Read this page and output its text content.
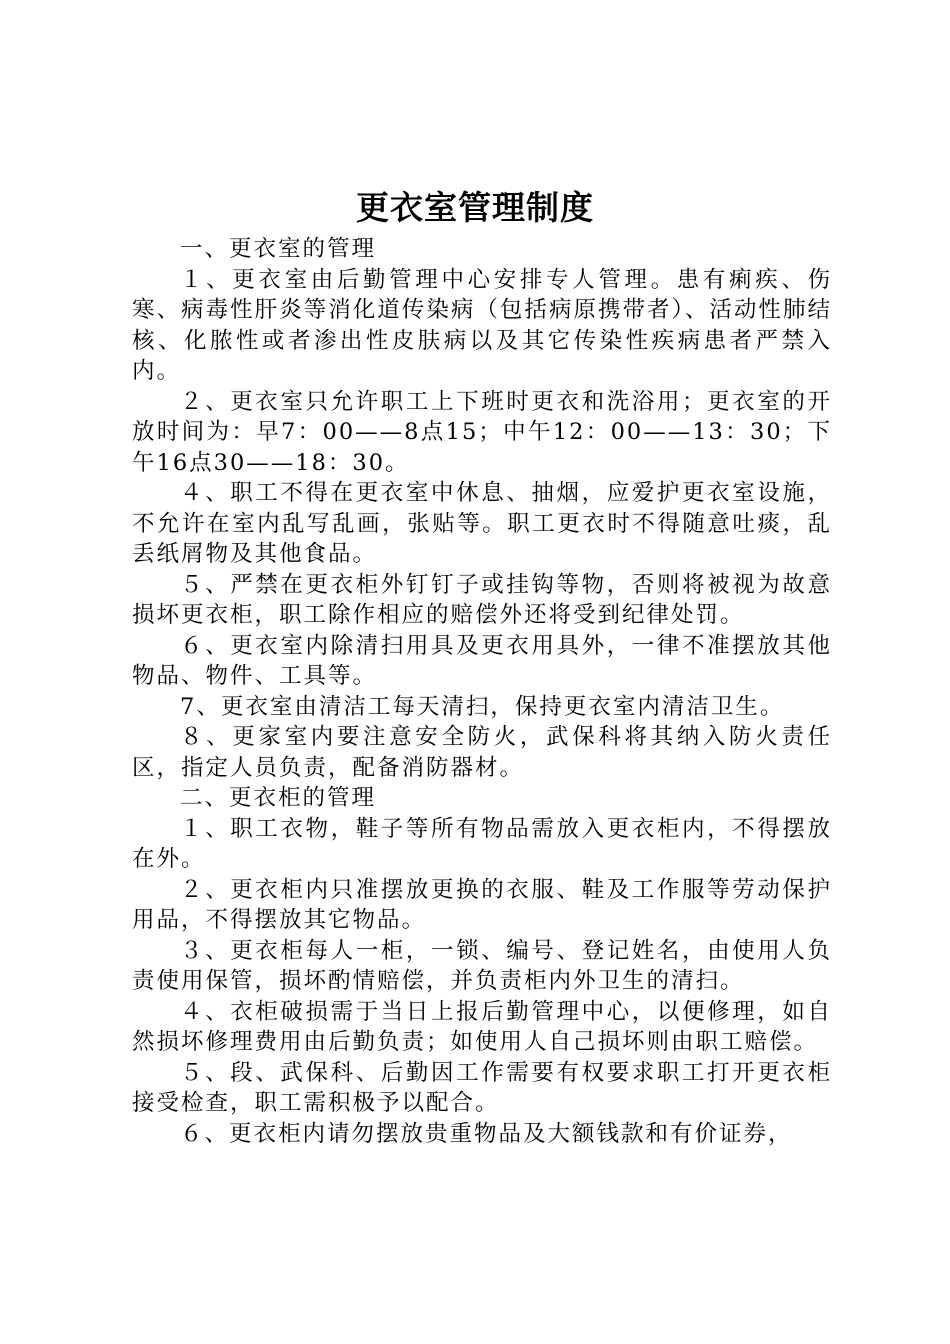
更衣室管理制度

一、更衣室的管理

１、更衣室由后勤管理中心安排专人管理。患有痢疾、伤寒、病毒性肝炎等消化道传染病（包括病原携带者）、活动性肺结核、化脓性或者渗出性皮肤病以及其它传染性疾病患者严禁入内。

２、更衣室只允许职工上下班时更衣和洗浴用；更衣室的开放时间为：早7：00——8点15；中午12：00——13：30；下午16点30——18：30。

４、职工不得在更衣室中休息、抽烟，应爱护更衣室设施，不允许在室内乱写乱画，张贴等。职工更衣时不得随意吐痰，乱丢纸屑物及其他食品。

５、严禁在更衣柜外钉钉子或挂钩等物，否则将被视为故意损坏更衣柜，职工除作相应的赔偿外还将受到纪律处罚。

６、更衣室内除清扫用具及更衣用具外，一律不准摆放其他物品、物件、工具等。

7、更衣室由清洁工每天清扫，保持更衣室内清洁卫生。

８、更家室内要注意安全防火，武保科将其纳入防火责任区，指定人员负责，配备消防器材。

二、更衣柜的管理

１、职工衣物，鞋子等所有物品需放入更衣柜内，不得摆放在外。

２、更衣柜内只准摆放更换的衣服、鞋及工作服等劳动保护用品，不得摆放其它物品。

３、更衣柜每人一柜，一锁、编号、登记姓名，由使用人负责使用保管，损坏酌情赔偿，并负责柜内外卫生的清扫。

４、衣柜破损需于当日上报后勤管理中心，以便修理，如自然损坏修理费用由后勤负责；如使用人自己损坏则由职工赔偿。

５、段、武保科、后勤因工作需要有权要求职工打开更衣柜接受检查，职工需积极予以配合。

６、更衣柜内请勿摆放贵重物品及大额钱款和有价证券，
